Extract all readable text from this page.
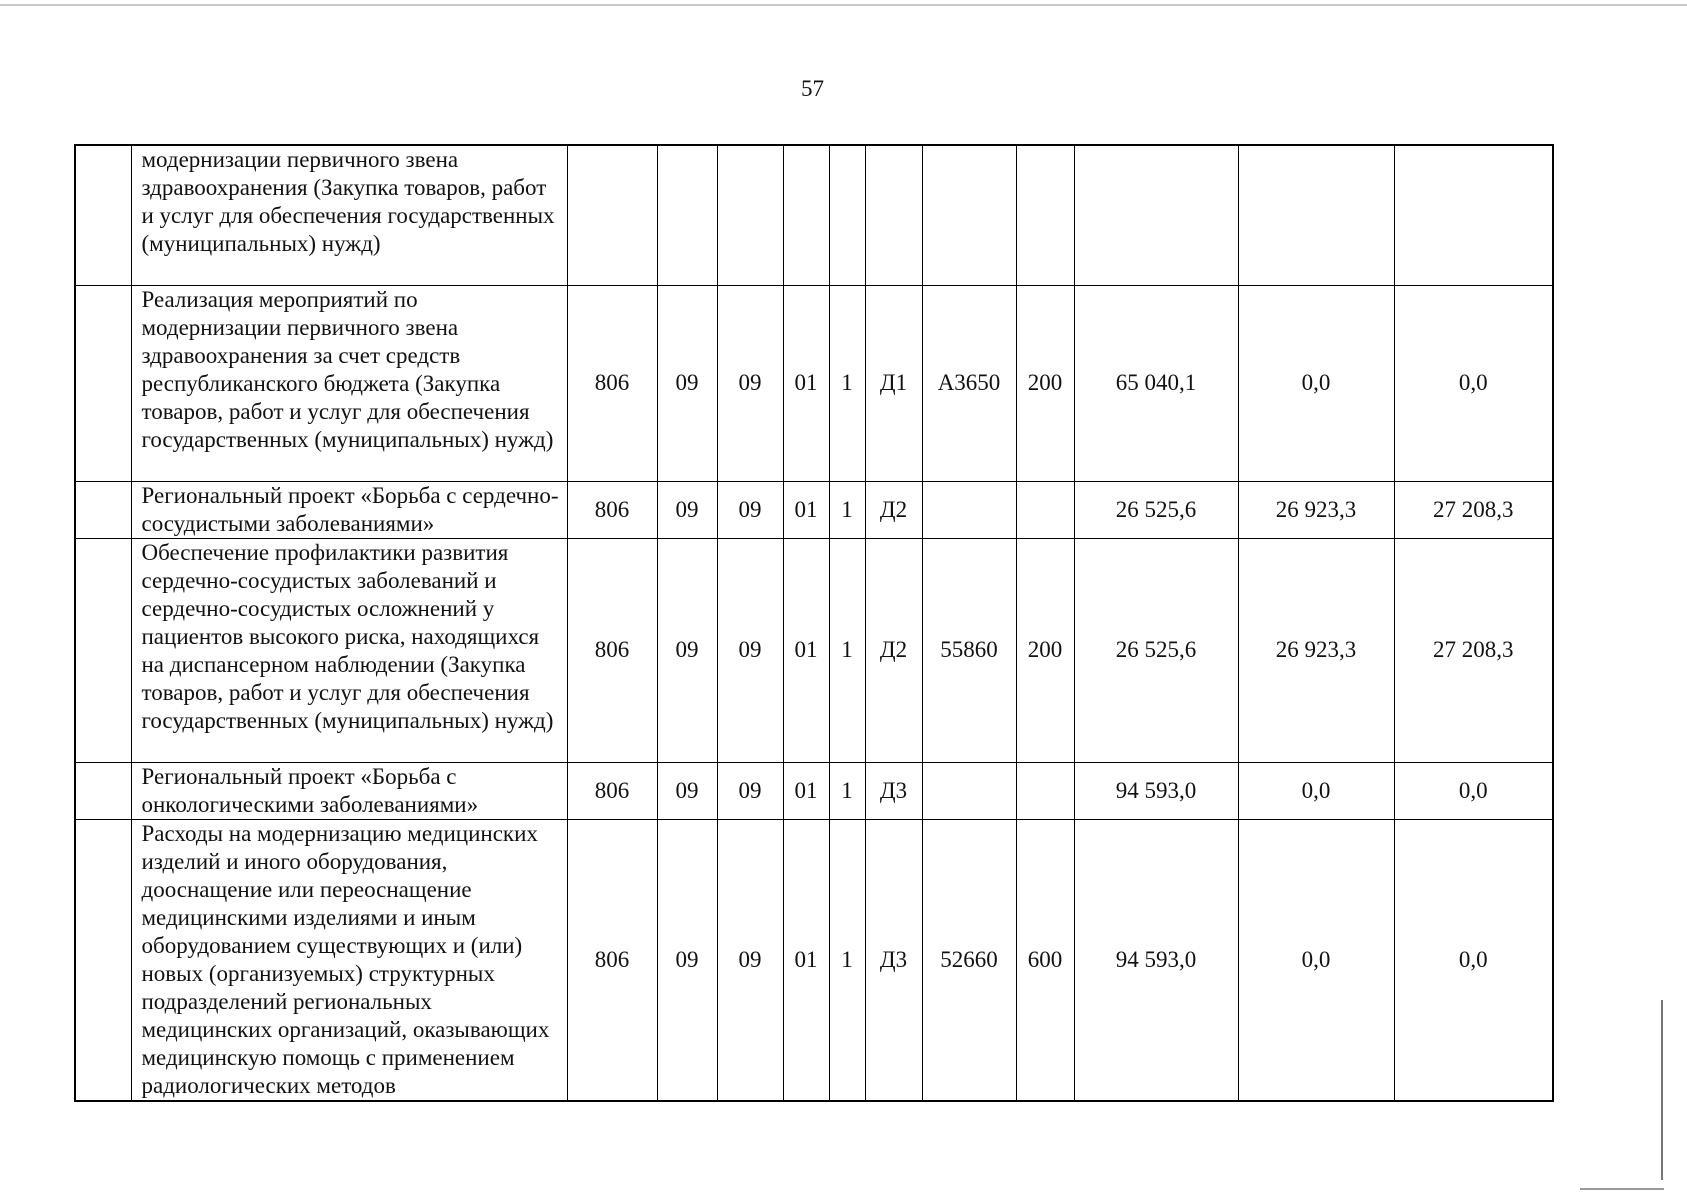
57
	модернизации первичного звена здравоохранения (Закупка товаров, работ и услуг для обеспечения государственных (муниципальных) нужд)											
	Реализация мероприятий по модернизации первичного звена здравоохранения за счет средств республиканского бюджета (Закупка товаров, работ и услуг для обеспечения государственных (муниципальных) нужд)	806	09	09	01	1	Д1	А3650	200	65 040,1	0,0	0,0
	Региональный проект «Борьба с сердечно-сосудистыми заболеваниями»	806	09	09	01	1	Д2			26 525,6	26 923,3	27 208,3
	Обеспечение профилактики развития сердечно-сосудистых заболеваний и сердечно-сосудистых осложнений у пациентов высокого риска, находящихся на диспансерном наблюдении (Закупка товаров, работ и услуг для обеспечения государственных (муниципальных) нужд)	806	09	09	01	1	Д2	55860	200	26 525,6	26 923,3	27 208,3
	Региональный проект «Борьба с онкологическими заболеваниями»	806	09	09	01	1	Д3			94 593,0	0,0	0,0
	Расходы на модернизацию медицинских изделий и иного оборудования, дооснащение или переоснащение медицинскими изделиями и иным оборудованием существующих и (или) новых (организуемых) структурных подразделений региональных медицинских организаций, оказывающих медицинскую помощь с применением радиологических методов	806	09	09	01	1	Д3	52660	600	94 593,0	0,0	0,0
